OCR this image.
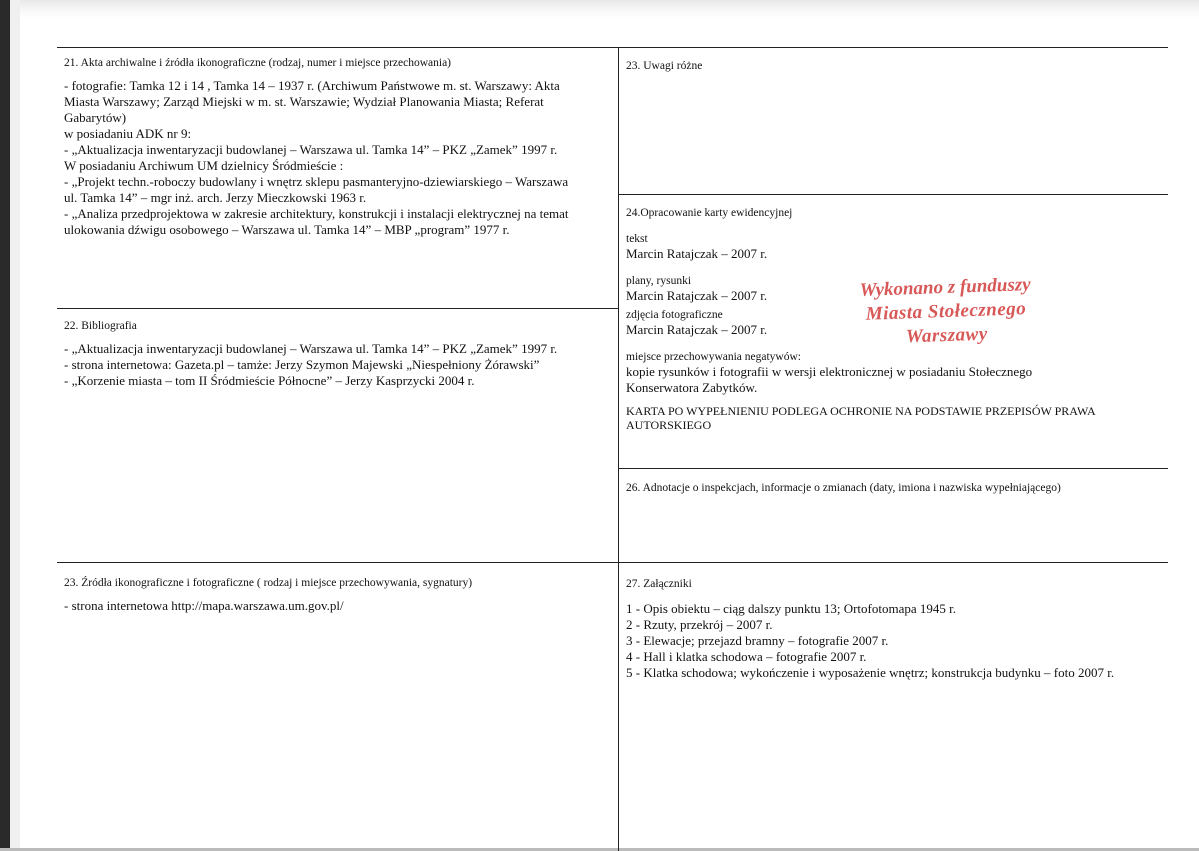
21. Akta archiwalne i źródła ikonograficzne (rodzaj, numer i miejsce przechowania)

- fotografie: Tamka 12 i 14 , Tamka 14 – 1937 r. (Archiwum Państwowe m. st. Warszawy: Akta

Miasta Warszawy; Zarząd Miejski w m. st. Warszawie; Wydział Planowania Miasta; Referat

Gabarytów)

w posiadaniu ADK nr 9:

- „Aktualizacja inwentaryzacji budowlanej – Warszawa ul. Tamka 14” – PKZ „Zamek” 1997 r.

W posiadaniu Archiwum UM dzielnicy Śródmieście :

- „Projekt techn.-roboczy budowlany i wnętrz sklepu pasmanteryjno-dziewiarskiego – Warszawa

ul. Tamka 14” – mgr inż. arch. Jerzy Mieczkowski 1963 r.

- „Analiza przedprojektowa w zakresie architektury, konstrukcji i instalacji elektrycznej na temat

ulokowania dźwigu osobowego – Warszawa ul. Tamka 14” – MBP „program” 1977 r.

22. Bibliografia

- „Aktualizacja inwentaryzacji budowlanej – Warszawa ul. Tamka 14” – PKZ „Zamek” 1997 r.

- strona internetowa: Gazeta.pl – tamże: Jerzy Szymon Majewski „Niespełniony Żórawski”

- „Korzenie miasta – tom II Śródmieście Północne” – Jerzy Kasprzycki 2004 r.

23. Źródła ikonograficzne i fotograficzne ( rodzaj i miejsce przechowywania, sygnatury)

- strona internetowa http://mapa.warszawa.um.gov.pl/

23. Uwagi różne
24.Opracowanie karty ewidencyjnej
tekst
Marcin Ratajczak – 2007 r.
plany, rysunki
Marcin Ratajczak – 2007 r.
zdjęcia fotograficzne
Marcin Ratajczak – 2007 r.
miejsce przechowywania negatywów:
kopie rysunków i fotografii w wersji elektronicznej w posiadaniu Stołecznego
Konserwatora Zabytków.
KARTA PO WYPEŁNIENIU PODLEGA OCHRONIE NA PODSTAWIE PRZEPISÓW PRAWA
AUTORSKIEGO
Wykonano z funduszy
Miasta Stołecznego Warszawy
26. Adnotacje o inspekcjach, informacje o zmianach (daty, imiona i nazwiska wypełniającego)
27. Załączniki

1 - Opis obiektu – ciąg dalszy punktu 13; Ortofotomapa 1945 r.

2 - Rzuty, przekrój – 2007 r.

3 - Elewacje; przejazd bramny – fotografie 2007 r.

4 - Hall i klatka schodowa – fotografie 2007 r.

5 - Klatka schodowa; wykończenie i wyposażenie wnętrz; konstrukcja budynku – foto 2007 r.
